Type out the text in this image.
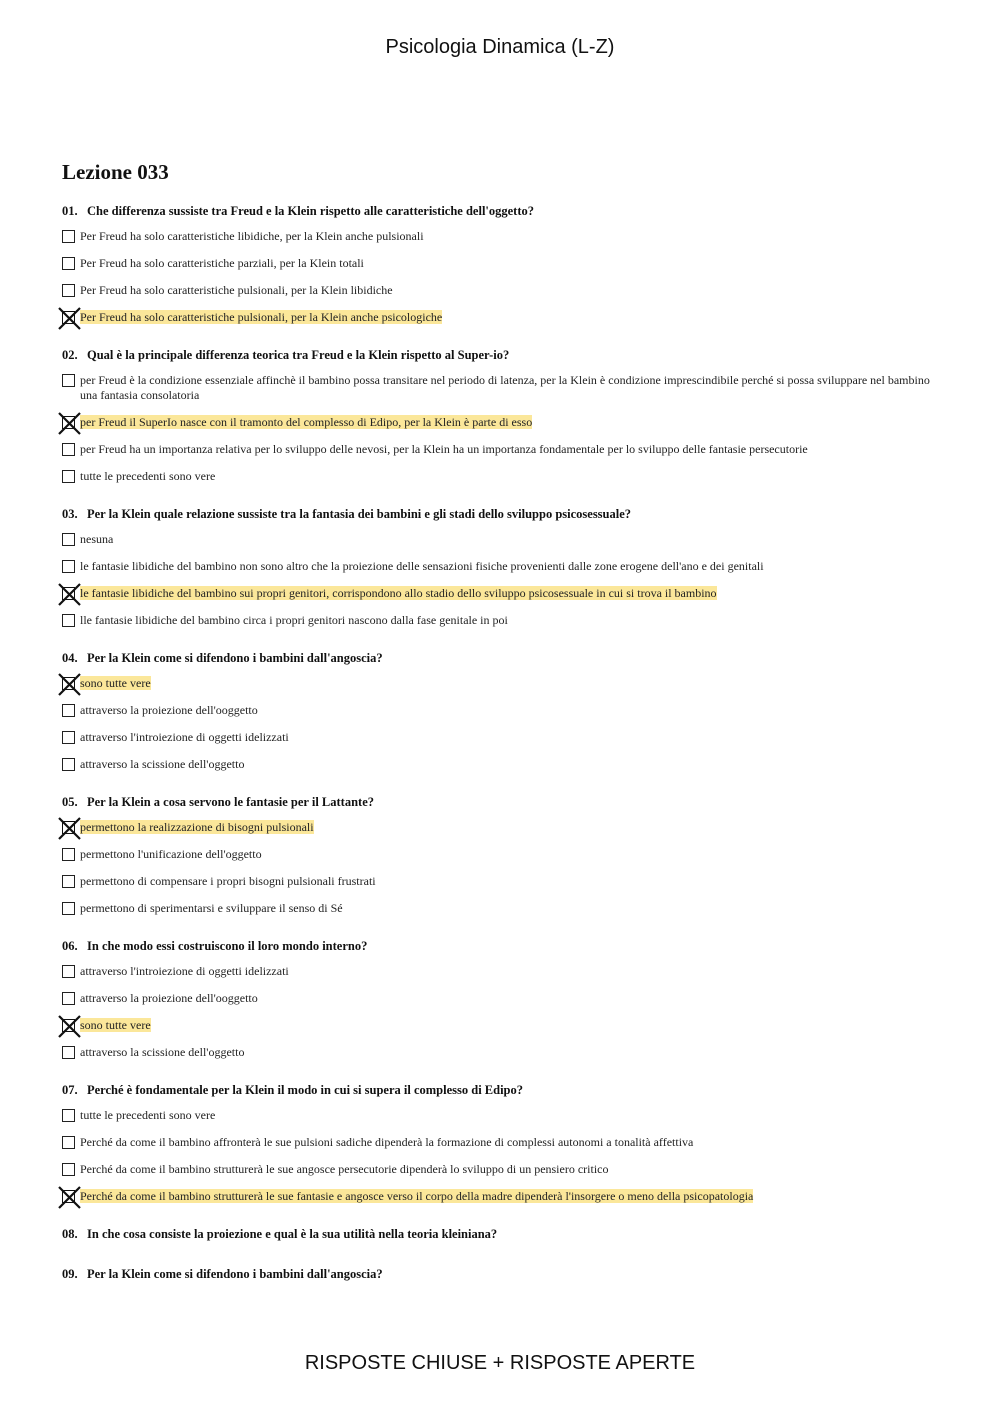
Psicologia Dinamica (L-Z)
Lezione 033
01. Che differenza sussiste tra Freud e la Klein rispetto alle caratteristiche dell'oggetto?
Per Freud ha solo caratteristiche libidiche, per la Klein anche pulsionali
Per Freud ha solo caratteristiche parziali, per la Klein totali
Per Freud ha solo caratteristiche pulsionali, per la Klein libidiche
Per Freud ha solo caratteristiche pulsionali, per la Klein anche psicologiche
02. Qual è la principale differenza teorica tra Freud e la Klein rispetto al Super-io?
per Freud è la condizione essenziale affinchè il bambino possa transitare nel periodo di latenza, per la Klein è condizione imprescindibile perché si possa sviluppare nel bambino una fantasia consolatoria
per Freud il SuperIo nasce con il tramonto del complesso di Edipo, per la Klein è parte di esso
per Freud ha un importanza relativa per lo sviluppo delle nevosi, per la Klein ha un importanza fondamentale per lo sviluppo delle fantasie persecutorie
tutte le precedenti sono vere
03. Per la Klein quale relazione sussiste tra la fantasia dei bambini e gli stadi dello sviluppo psicosessuale?
nesuna
le fantasie libidiche del bambino non sono altro che la proiezione delle sensazioni fisiche provenienti dalle zone erogene dell'ano e dei genitali
le fantasie libidiche del bambino sui propri genitori, corrispondono allo stadio dello sviluppo psicosessuale in cui si trova il bambino
lle fantasie libidiche del bambino circa i propri genitori nascono dalla fase genitale in poi
04. Per la Klein come si difendono i bambini dall'angoscia?
sono tutte vere
attraverso la proiezione dell'ooggetto
attraverso l'introiezione di oggetti idelizzati
attraverso la scissione dell'oggetto
05. Per la Klein a cosa servono le fantasie per il Lattante?
permettono la realizzazione di bisogni pulsionali
permettono l'unificazione dell'oggetto
permettono di compensare i propri bisogni pulsionali frustrati
permettono di sperimentarsi e sviluppare il senso di Sé
06. In che modo essi costruiscono il loro mondo interno?
attraverso l'introiezione di oggetti idelizzati
attraverso la proiezione dell'ooggetto
sono tutte vere
attraverso la scissione dell'oggetto
07. Perché è fondamentale per la Klein il modo in cui si supera il complesso di Edipo?
tutte le precedenti sono vere
Perché da come il bambino affronterà le sue pulsioni sadiche dipenderà la formazione di complessi autonomi a tonalità affettiva
Perché da come il bambino strutturerà le sue angosce persecutorie dipenderà lo sviluppo di un pensiero critico
Perché da come il bambino strutturerà le sue fantasie e angosce verso il corpo della madre dipenderà l'insorgere o meno della psicopatologia
08. In che cosa consiste la proiezione e qual è la sua utilità nella teoria kleiniana?
09. Per la Klein come si difendono i bambini dall'angoscia?
RISPOSTE CHIUSE + RISPOSTE APERTE
